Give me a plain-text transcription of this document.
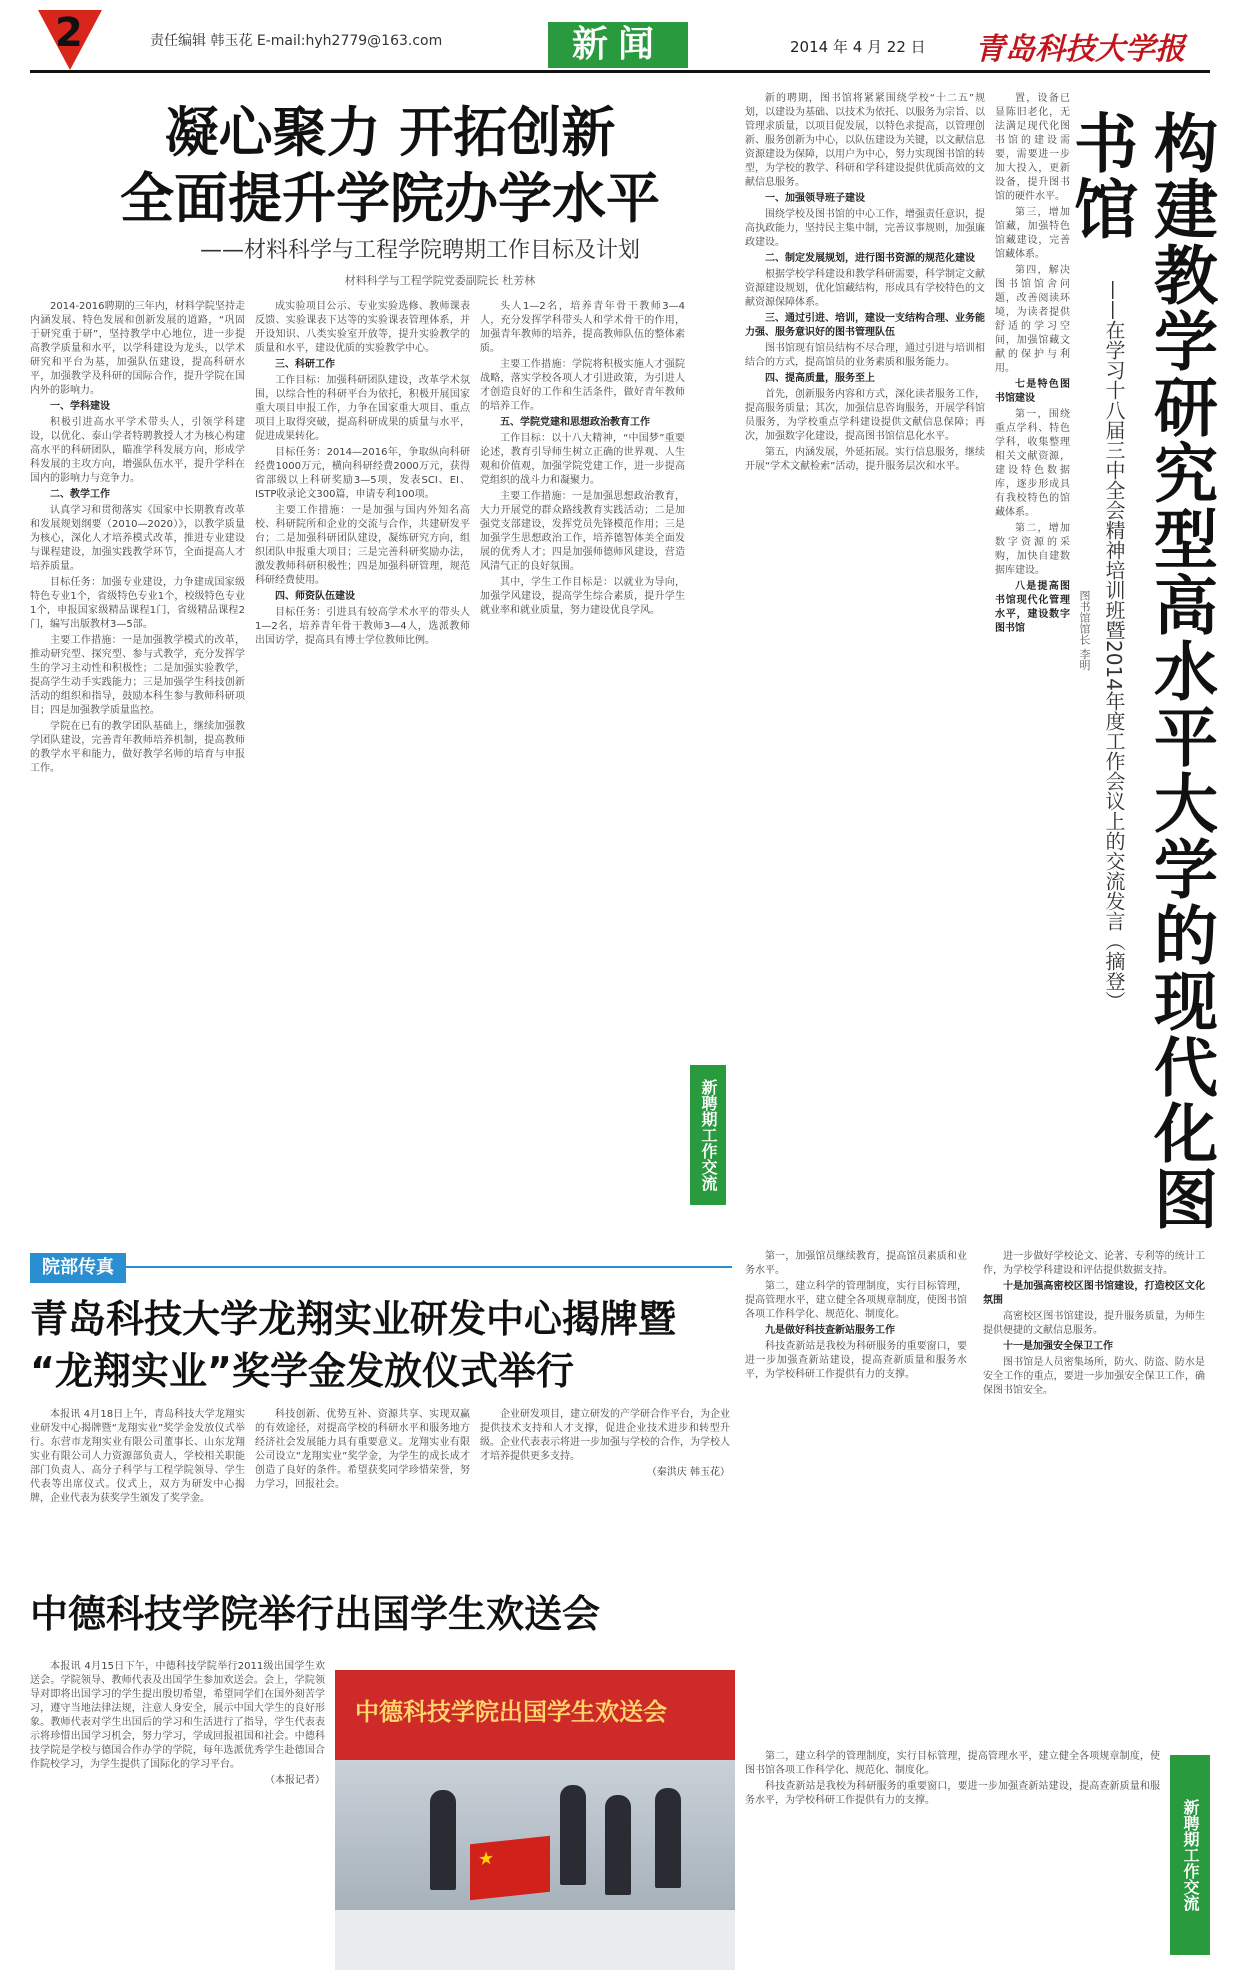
2	责任编辑 韩玉花 E-mail:hyh2779@163.com	新闻	2014 年 4 月 22 日 青岛科技大学报
凝心聚力 开拓创新
全面提升学院办学水平
——材料科学与工程学院聘期工作目标及计划
材料科学与工程学院党委副院长 杜芳林

2014-2016聘期的三年内，材料学院坚持走内涵发展、特色发展和创新发展的道路，“巩固于研究重于研”，坚持教学中心地位，进一步提高教学质量和水平，以学科建设为龙头，以学术研究和平台为基，加强队伍建设，提高科研水平，加强教学及科研的国际合作，提升学院在国内外的影响力。

一、学科建设

积极引进高水平学术带头人，引领学科建设，以优化、泰山学者特聘教授人才为核心构建高水平的科研团队，瞄准学科发展方向，形成学科发展的主攻方向，增强队伍水平，提升学科在国内的影响力与竞争力。

二、教学工作

认真学习和贯彻落实《国家中长期教育改革和发展规划纲要（2010—2020）》，以教学质量为核心，深化人才培养模式改革，推进专业建设与课程建设，加强实践教学环节，全面提高人才培养质量。

目标任务：加强专业建设，力争建成国家级特色专业1个，省级特色专业1个，校级特色专业1个，申报国家级精品课程1门，省级精品课程2门，编写出版教材3—5部。

主要工作措施：一是加强教学模式的改革，推动研究型、探究型、参与式教学，充分发挥学生的学习主动性和积极性；二是加强实验教学，提高学生动手实践能力；三是加强学生科技创新活动的组织和指导，鼓励本科生参与教师科研项目；四是加强教学质量监控。

学院在已有的教学团队基础上，继续加强教学团队建设，完善青年教师培养机制，提高教师的教学水平和能力，做好教学名师的培育与申报工作。

成实验项目公示、专业实验选修、教师课表反馈、实验课表下达等的实验课表管理体系，并开设知识、八类实验室开放等，提升实验教学的质量和水平，建设优质的实验教学中心。

三、科研工作

工作目标：加强科研团队建设，改革学术氛围，以综合性的科研平台为依托，积极开展国家重大项目申报工作，力争在国家重大项目、重点项目上取得突破，提高科研成果的质量与水平，促进成果转化。

目标任务：2014—2016年，争取纵向科研经费1000万元，横向科研经费2000万元，获得省部级以上科研奖励3—5项，发表SCI、EI、ISTP收录论文300篇，申请专利100项。

主要工作措施：一是加强与国内外知名高校、科研院所和企业的交流与合作，共建研发平台；二是加强科研团队建设，凝练研究方向，组织团队申报重大项目；三是完善科研奖励办法，激发教师科研积极性；四是加强科研管理，规范科研经费使用。

四、师资队伍建设

目标任务：引进具有较高学术水平的带头人1—2名，培养青年骨干教师3—4人，选派教师出国访学，提高具有博士学位教师比例。

头人1—2名，培养青年骨干教师3—4人，充分发挥学科带头人和学术骨干的作用，加强青年教师的培养，提高教师队伍的整体素质。

主要工作措施：学院将积极实施人才强院战略，落实学校各项人才引进政策，为引进人才创造良好的工作和生活条件，做好青年教师的培养工作。

五、学院党建和思想政治教育工作

工作目标：以十八大精神，“中国梦”重要论述，教育引导师生树立正确的世界观、人生观和价值观，加强学院党建工作，进一步提高党组织的战斗力和凝聚力。

主要工作措施：一是加强思想政治教育，大力开展党的群众路线教育实践活动；二是加强党支部建设，发挥党员先锋模范作用；三是加强学生思想政治工作，培养德智体美全面发展的优秀人才；四是加强师德师风建设，营造风清气正的良好氛围。

其中，学生工作目标是：以就业为导向，加强学风建设，提高学生综合素质，提升学生就业率和就业质量，努力建设优良学风。

新聘期工作交流	构建教学研究型高水平大学的现代化图书馆
——在学习十八届三中全会精神培训班暨2014年度工作会议上的交流发言（摘登）
图书馆馆长 李明

新的聘期，图书馆将紧紧围绕学校“十二五”规划，以建设为基础、以技术为依托、以服务为宗旨、以管理求质量，以项目促发展，以特色求提高，以管理创新、服务创新为中心，以队伍建设为关键，以文献信息资源建设为保障，以用户为中心，努力实现图书馆的转型，为学校的教学、科研和学科建设提供优质高效的文献信息服务。

一、加强领导班子建设

围绕学校及图书馆的中心工作，增强责任意识，提高执政能力，坚持民主集中制，完善议事规则，加强廉政建设。

二、制定发展规划，进行图书资源的规范化建设

根据学校学科建设和教学科研需要，科学制定文献资源建设规划，优化馆藏结构，形成具有学校特色的文献资源保障体系。

三、通过引进、培训，建设一支结构合理、业务能力强、服务意识好的图书管理队伍

图书馆现有馆员结构不尽合理，通过引进与培训相结合的方式，提高馆员的业务素质和服务能力。

四、提高质量，服务至上

首先，创新服务内容和方式，深化读者服务工作，提高服务质量；其次，加强信息咨询服务，开展学科馆员服务，为学校重点学科建设提供文献信息保障；再次，加强数字化建设，提高图书馆信息化水平。

第五，内涵发展，外延拓展。实行信息服务，继续开展“学术文献检索”活动，提升服务层次和水平。

置，设备已显陈旧老化，无法满足现代化图书馆的建设需要，需要进一步加大投入，更新设备，提升图书馆的硬件水平。

第三，增加馆藏，加强特色馆藏建设，完善馆藏体系。

第四，解决图书馆馆舍问题，改善阅读环境，为读者提供舒适的学习空间，加强馆藏文献的保护与利用。

七是特色图书馆建设

第一，围绕重点学科、特色学科，收集整理相关文献资源，建设特色数据库，逐步形成具有我校特色的馆藏体系。

第二，增加数字资源的采购，加快自建数据库建设。

八是提高图书馆现代化管理水平，建设数字图书馆

第一，加强馆员继续教育，提高馆员素质和业务水平。

第二，建立科学的管理制度，实行目标管理，提高管理水平，建立健全各项规章制度，使图书馆各项工作科学化、规范化、制度化。

九是做好科技查新站服务工作

科技查新站是我校为科研服务的重要窗口，要进一步加强查新站建设，提高查新质量和服务水平，为学校科研工作提供有力的支撑。

进一步做好学校论文、论著、专利等的统计工作，为学校学科建设和评估提供数据支持。

十是加强高密校区图书馆建设，打造校区文化氛围

高密校区图书馆建设，提升服务质量，为师生提供便捷的文献信息服务。

十一是加强安全保卫工作

图书馆是人员密集场所，防火、防盗、防水是安全工作的重点，要进一步加强安全保卫工作，确保图书馆安全。

第二，建立科学的管理制度，实行目标管理，提高管理水平，建立健全各项规章制度，使图书馆各项工作科学化、规范化、制度化。

科技查新站是我校为科研服务的重要窗口，要进一步加强查新站建设，提高查新质量和服务水平，为学校科研工作提供有力的支撑。	新聘期工作交流
院部传真
青岛科技大学龙翔实业研发中心揭牌暨
“龙翔实业”奖学金发放仪式举行

本报讯 4月18日上午，青岛科技大学龙翔实业研发中心揭牌暨“龙翔实业”奖学金发放仪式举行。东营市龙翔实业有限公司董事长、山东龙翔实业有限公司人力资源部负责人，学校相关职能部门负责人、高分子科学与工程学院领导、学生代表等出席仪式。仪式上，双方为研发中心揭牌，企业代表为获奖学生颁发了奖学金。

科技创新、优势互补、资源共享、实现双赢的有效途径，对提高学校的科研水平和服务地方经济社会发展能力具有重要意义。龙翔实业有限公司设立“龙翔实业”奖学金，为学生的成长成才创造了良好的条件。希望获奖同学珍惜荣誉，努力学习，回报社会。

企业研发项目，建立研发的产学研合作平台，为企业提供技术支持和人才支撑，促进企业技术进步和转型升级。企业代表表示将进一步加强与学校的合作，为学校人才培养提供更多支持。

（秦洪庆 韩玉花）
中德科技学院举行出国学生欢送会

本报讯 4月15日下午，中德科技学院举行2011级出国学生欢送会。学院领导、教师代表及出国学生参加欢送会。会上，学院领导对即将出国学习的学生提出殷切希望，希望同学们在国外刻苦学习，遵守当地法律法规，注意人身安全，展示中国大学生的良好形象。教师代表对学生出国后的学习和生活进行了指导，学生代表表示将珍惜出国学习机会，努力学习，学成回报祖国和社会。中德科技学院是学校与德国合作办学的学院，每年选派优秀学生赴德国合作院校学习，为学生提供了国际化的学习平台。

（本报记者）
中德科技学院出国学生欢送会
★
